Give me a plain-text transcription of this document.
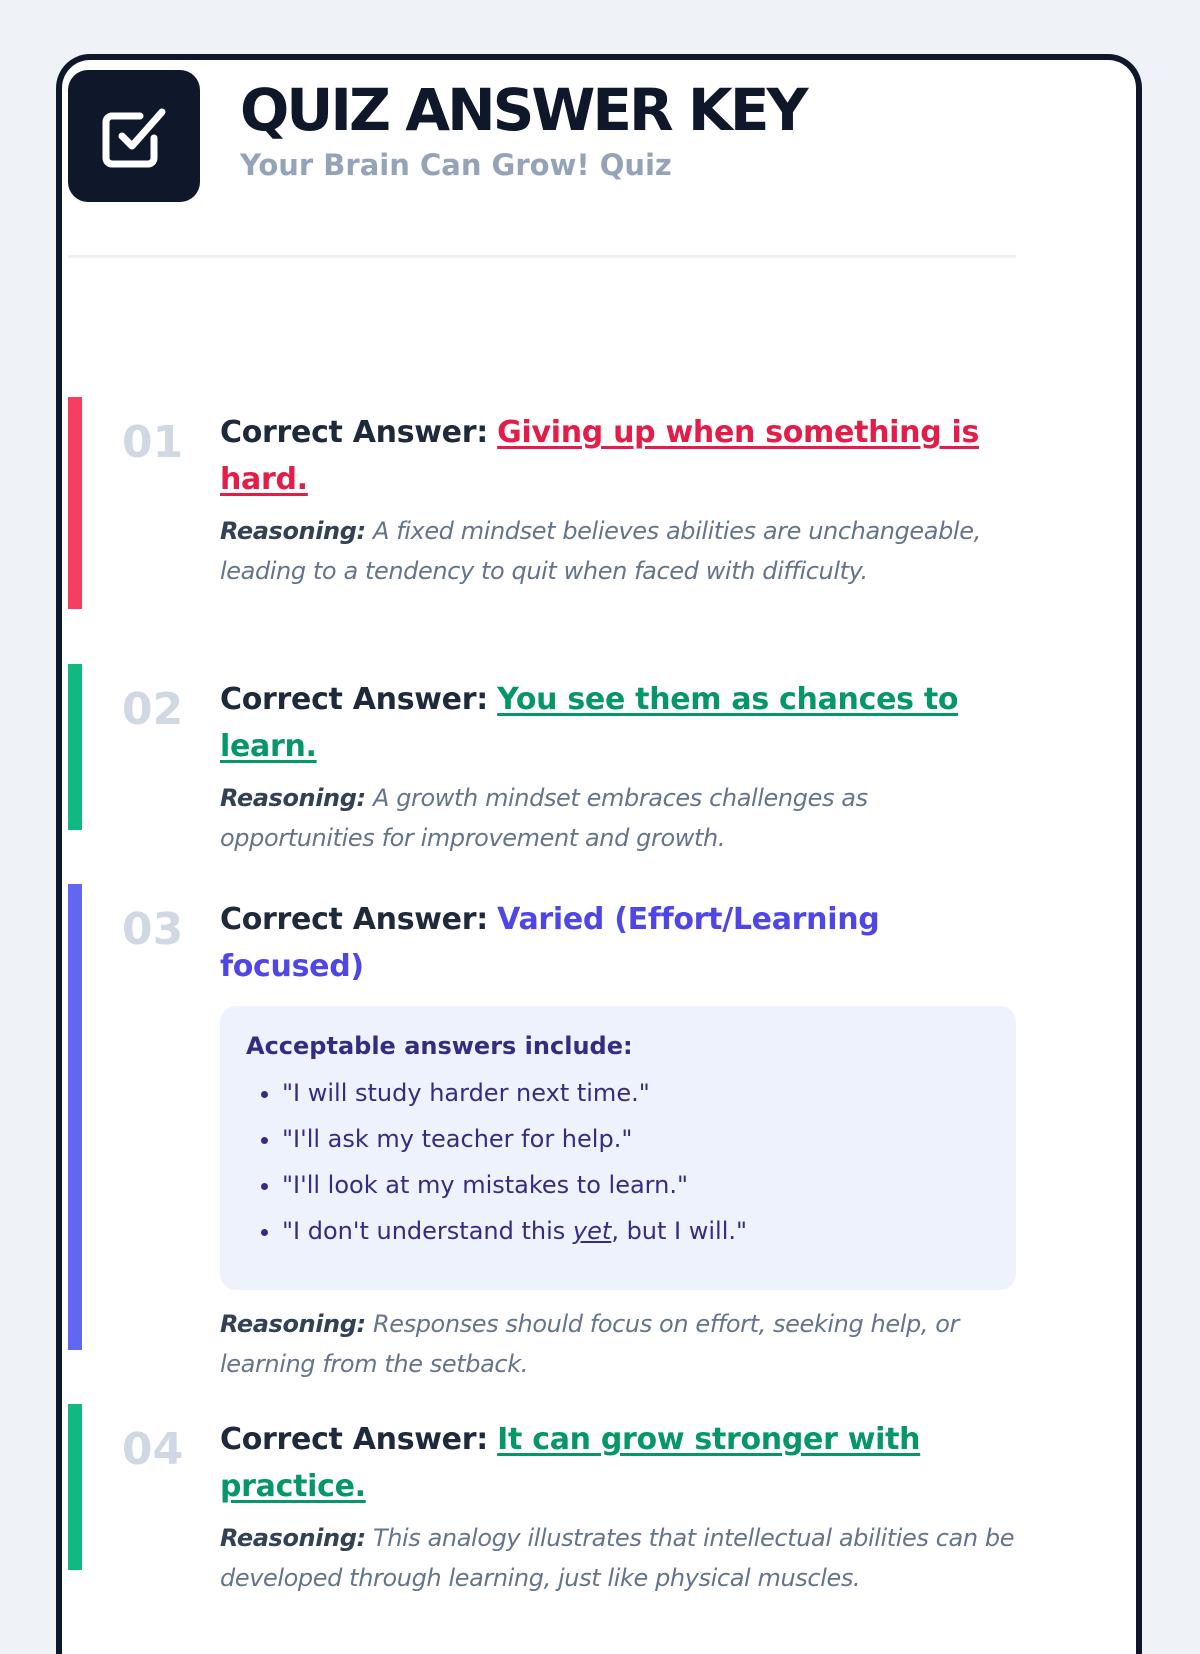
QUIZ ANSWER KEY
Your Brain Can Grow! Quiz
01 Correct Answer: Giving up when something is hard.

Reasoning: A fixed mindset believes abilities are unchangeable, leading to a tendency to quit when faced with difficulty.

02 Correct Answer: You see them as chances to learn.

Reasoning: A growth mindset embraces challenges as opportunities for improvement and growth.

03 Correct Answer: Varied (Effort/Learning focused)

Acceptable answers include:

• "I will study harder next time."
• "I'll ask my teacher for help."
• "I'll look at my mistakes to learn."
• "I don't understand this yet, but I will."

Reasoning: Responses should focus on effort, seeking help, or learning from the setback.

04 Correct Answer: It can grow stronger with practice.

Reasoning: This analogy illustrates that intellectual abilities can be developed through learning, just like physical muscles.
